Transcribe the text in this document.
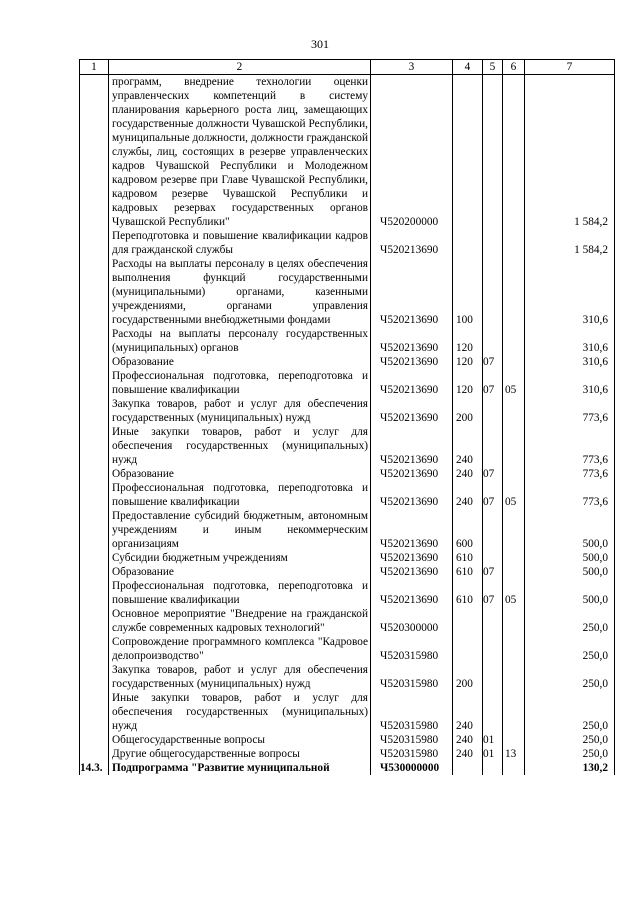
301
1	2	3	4	5	6	7
	программ, внедрение технологии оценки управленческих компетенций в систему планирования карьерного роста лиц, замещающих государственные должности Чувашской Республики, муниципальные должности, должности гражданской службы, лиц, состоящих в резерве управленческих кадров Чувашской Республики и Молодежном кадровом резерве при Главе Чувашской Республики, кадровом резерве Чувашской Республики и кадровых резервах государственных органов Чувашской Республики"	Ч520200000				1 584,2
	Переподготовка и повышение квалификации кадров для гражданской службы	Ч520213690				1 584,2
	Расходы на выплаты персоналу в целях обеспечения выполнения функций государственными (муниципальными) органами, казенными учреждениями, органами управления государственными внебюджетными фондами	Ч520213690	100			310,6
	Расходы на выплаты персоналу государственных (муниципальных) органов	Ч520213690	120			310,6
	Образование	Ч520213690	120	07		310,6
	Профессиональная подготовка, переподготовка и повышение квалификации	Ч520213690	120	07	05	310,6
	Закупка товаров, работ и услуг для обеспечения государственных (муниципальных) нужд	Ч520213690	200			773,6
	Иные закупки товаров, работ и услуг для обеспечения государственных (муниципальных) нужд	Ч520213690	240			773,6
	Образование	Ч520213690	240	07		773,6
	Профессиональная подготовка, переподготовка и повышение квалификации	Ч520213690	240	07	05	773,6
	Предоставление субсидий бюджетным, автономным учреждениям и иным некоммерческим организациям	Ч520213690	600			500,0
	Субсидии бюджетным учреждениям	Ч520213690	610			500,0
	Образование	Ч520213690	610	07		500,0
	Профессиональная подготовка, переподготовка и повышение квалификации	Ч520213690	610	07	05	500,0
	Основное мероприятие "Внедрение на гражданской службе современных кадровых технологий"	Ч520300000				250,0
	Сопровождение программного комплекса "Кадровое делопроизводство"	Ч520315980				250,0
	Закупка товаров, работ и услуг для обеспечения государственных (муниципальных) нужд	Ч520315980	200			250,0
	Иные закупки товаров, работ и услуг для обеспечения государственных (муниципальных) нужд	Ч520315980	240			250,0
	Общегосударственные вопросы	Ч520315980	240	01		250,0
	Другие общегосударственные вопросы	Ч520315980	240	01	13	250,0
14.3.	Подпрограмма "Развитие муниципальной	Ч530000000				130,2
